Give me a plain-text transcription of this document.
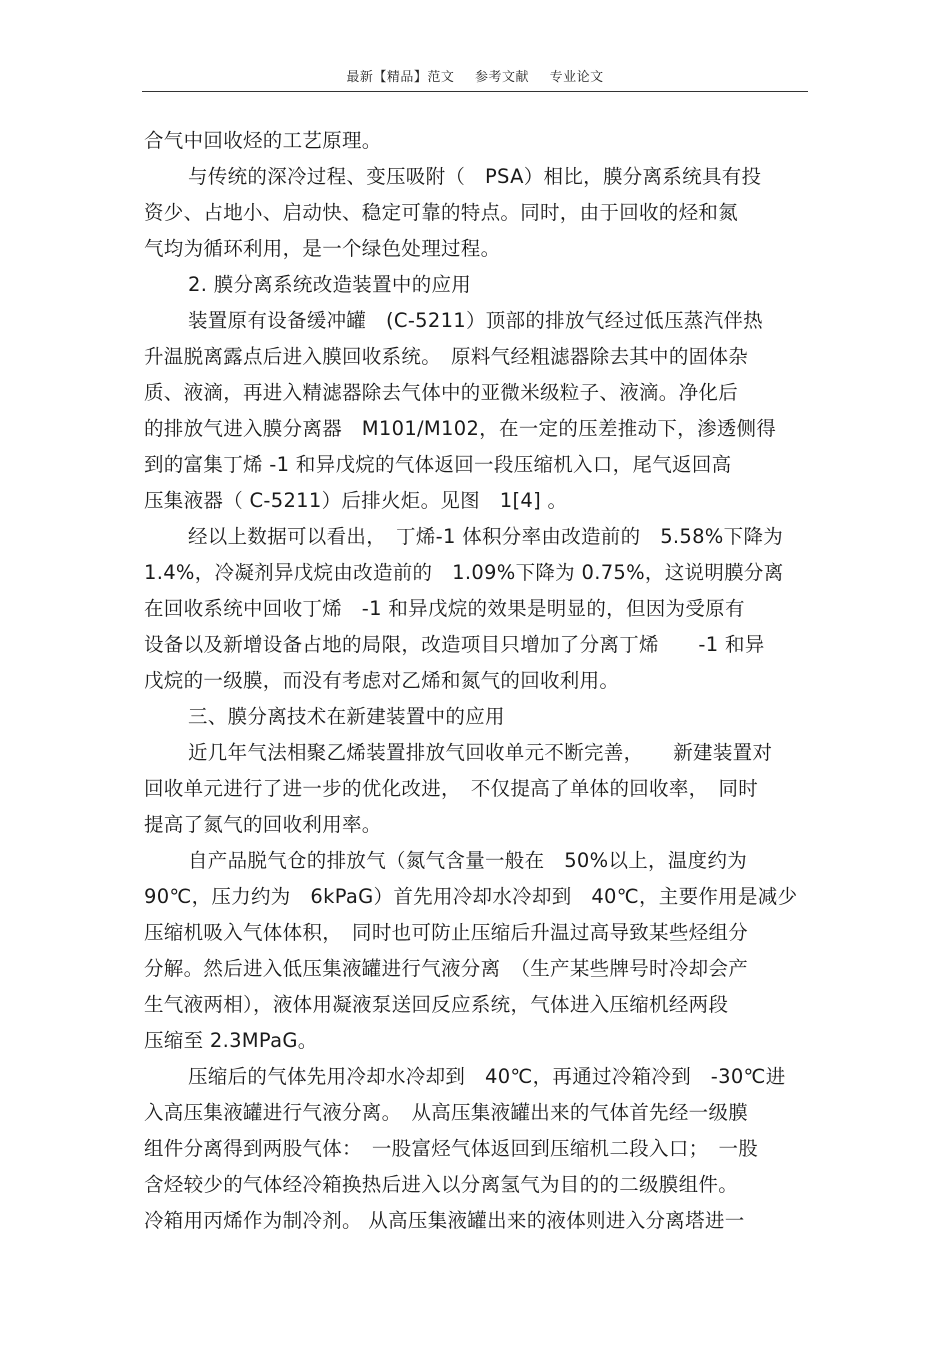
最新【精品】范文 参考文献 专业论文
合气中回收烃的工艺原理。
与传统的深冷过程、变压吸附（　PSA）相比，膜分离系统具有投
资少、占地小、启动快、稳定可靠的特点。同时，由于回收的烃和氮
气均为循环利用，是一个绿色处理过程。
2. 膜分离系统改造装置中的应用
装置原有设备缓冲罐　(C-5211）顶部的排放气经过低压蒸汽伴热
升温脱离露点后进入膜回收系统。　原料气经粗滤器除去其中的固体杂
质、液滴，再进入精滤器除去气体中的亚微米级粒子、液滴。净化后
的排放气进入膜分离器　M101/M102，在一定的压差推动下，渗透侧得
到的富集丁烯 -1 和异戊烷的气体返回一段压缩机入口，尾气返回高
压集液器（ C-5211）后排火炬。见图　1[4] 。
经以上数据可以看出，　丁烯-1 体积分率由改造前的　5.58%下降为
1.4%，冷凝剂异戊烷由改造前的　1.09%下降为 0.75%，这说明膜分离
在回收系统中回收丁烯　-1 和异戊烷的效果是明显的，但因为受原有
设备以及新增设备占地的局限，改造项目只增加了分离丁烯　　-1 和异
戊烷的一级膜，而没有考虑对乙烯和氮气的回收利用。
三、膜分离技术在新建装置中的应用
近几年气法相聚乙烯装置排放气回收单元不断完善，　　新建装置对
回收单元进行了进一步的优化改进，　不仅提高了单体的回收率，　同时
提高了氮气的回收利用率。
自产品脱气仓的排放气（氮气含量一般在　50%以上，温度约为
90℃，压力约为　6kPaG）首先用冷却水冷却到　40℃，主要作用是减少
压缩机吸入气体体积，　同时也可防止压缩后升温过高导致某些烃组分
分解。然后进入低压集液罐进行气液分离　（生产某些牌号时冷却会产
生气液两相），液体用凝液泵送回反应系统，气体进入压缩机经两段
压缩至 2.3MPaG。
压缩后的气体先用冷却水冷却到　40℃，再通过冷箱冷到　-30℃进
入高压集液罐进行气液分离。　从高压集液罐出来的气体首先经一级膜
组件分离得到两股气体：　一股富烃气体返回到压缩机二段入口；　一股
含烃较少的气体经冷箱换热后进入以分离氢气为目的的二级膜组件。
冷箱用丙烯作为制冷剂。 从高压集液罐出来的液体则进入分离塔进一
